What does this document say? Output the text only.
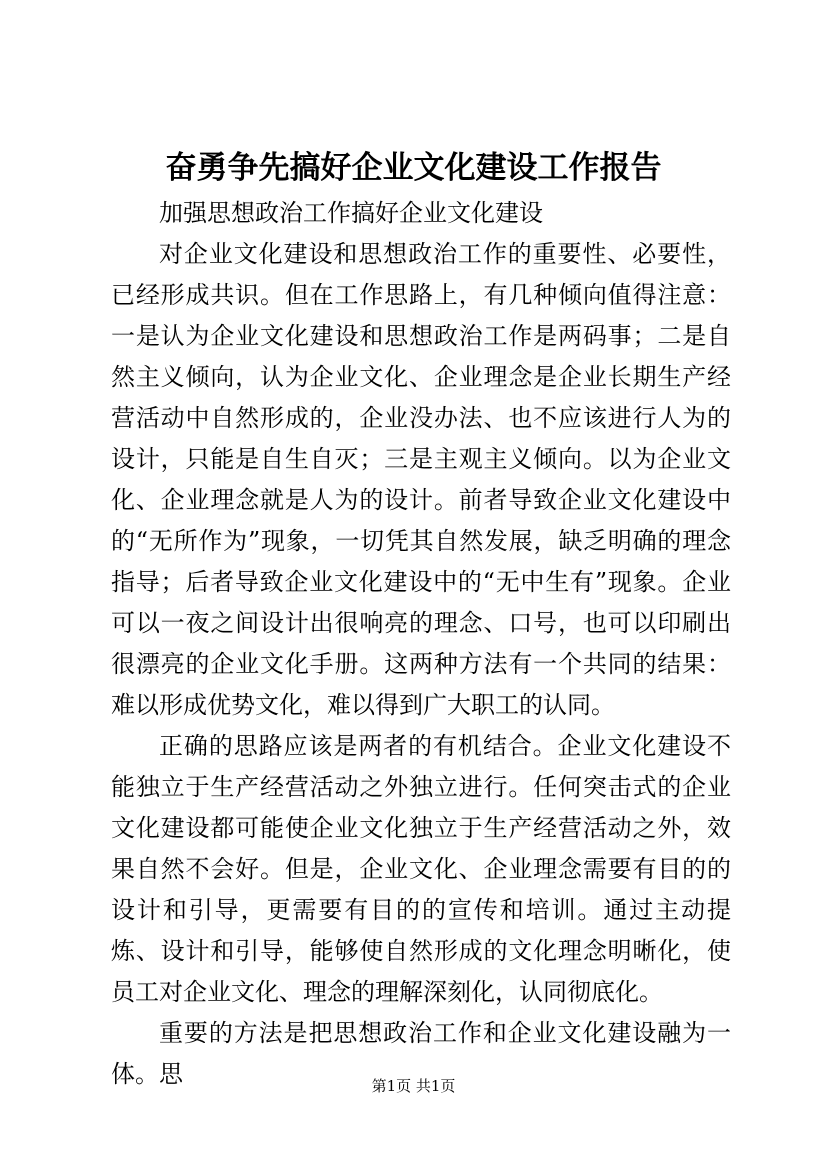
奋勇争先搞好企业文化建设工作报告

加强思想政治工作搞好企业文化建设

对企业文化建设和思想政治工作的重要性、必要性，已经形成共识。但在工作思路上，有几种倾向值得注意：一是认为企业文化建设和思想政治工作是两码事；二是自然主义倾向，认为企业文化、企业理念是企业长期生产经营活动中自然形成的，企业没办法、也不应该进行人为的设计，只能是自生自灭；三是主观主义倾向。以为企业文化、企业理念就是人为的设计。前者导致企业文化建设中的“无所作为”现象，一切凭其自然发展，缺乏明确的理念指导；后者导致企业文化建设中的“无中生有”现象。企业可以一夜之间设计出很响亮的理念、口号，也可以印刷出很漂亮的企业文化手册。这两种方法有一个共同的结果：难以形成优势文化，难以得到广大职工的认同。

正确的思路应该是两者的有机结合。企业文化建设不能独立于生产经营活动之外独立进行。任何突击式的企业文化建设都可能使企业文化独立于生产经营活动之外，效果自然不会好。但是，企业文化、企业理念需要有目的的设计和引导，更需要有目的的宣传和培训。通过主动提炼、设计和引导，能够使自然形成的文化理念明晰化，使员工对企业文化、理念的理解深刻化，认同彻底化。

重要的方法是把思想政治工作和企业文化建设融为一体。思	第1页 共1页
